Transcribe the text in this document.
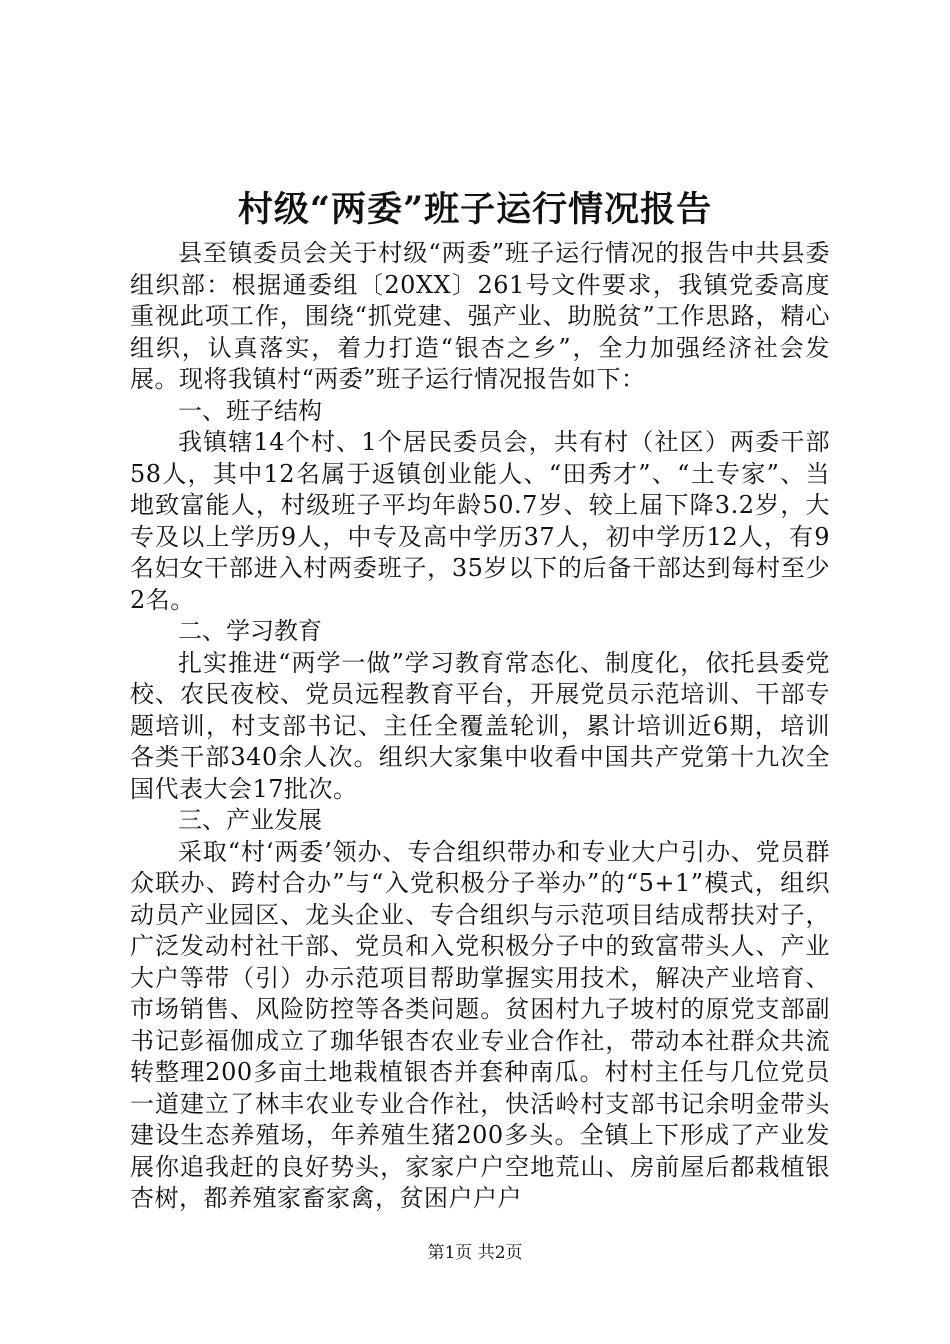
村级“两委”班子运行情况报告

县至镇委员会关于村级“两委”班子运行情况的报告中共县委组织部：根据通委组〔20XX〕261号文件要求，我镇党委高度重视此项工作，围绕“抓党建、强产业、助脱贫”工作思路，精心组织，认真落实，着力打造“银杏之乡”，全力加强经济社会发展。现将我镇村“两委”班子运行情况报告如下：

一、班子结构

我镇辖14个村、1个居民委员会，共有村（社区）两委干部58人，其中12名属于返镇创业能人、“田秀才”、“土专家”、当地致富能人，村级班子平均年龄50.7岁、较上届下降3.2岁，大专及以上学历9人，中专及高中学历37人，初中学历12人，有9名妇女干部进入村两委班子，35岁以下的后备干部达到每村至少2名。

二、学习教育

扎实推进“两学一做”学习教育常态化、制度化，依托县委党校、农民夜校、党员远程教育平台，开展党员示范培训、干部专题培训，村支部书记、主任全覆盖轮训，累计培训近6期，培训各类干部340余人次。组织大家集中收看中国共产党第十九次全国代表大会17批次。

三、产业发展

采取“村‘两委’领办、专合组织带办和专业大户引办、党员群众联办、跨村合办”与“入党积极分子举办”的“5+1”模式，组织动员产业园区、龙头企业、专合组织与示范项目结成帮扶对子，广泛发动村社干部、党员和入党积极分子中的致富带头人、产业大户等带（引）办示范项目帮助掌握实用技术，解决产业培育、市场销售、风险防控等各类问题。贫困村九子坡村的原党支部副书记彭福伽成立了珈华银杏农业专业合作社，带动本社群众共流转整理200多亩土地栽植银杏并套种南瓜。村村主任与几位党员一道建立了林丰农业专业合作社，快活岭村支部书记余明金带头建设生态养殖场，年养殖生猪200多头。全镇上下形成了产业发展你追我赶的良好势头，家家户户空地荒山、房前屋后都栽植银杏树，都养殖家畜家禽，贫困户户户

第1页 共2页
